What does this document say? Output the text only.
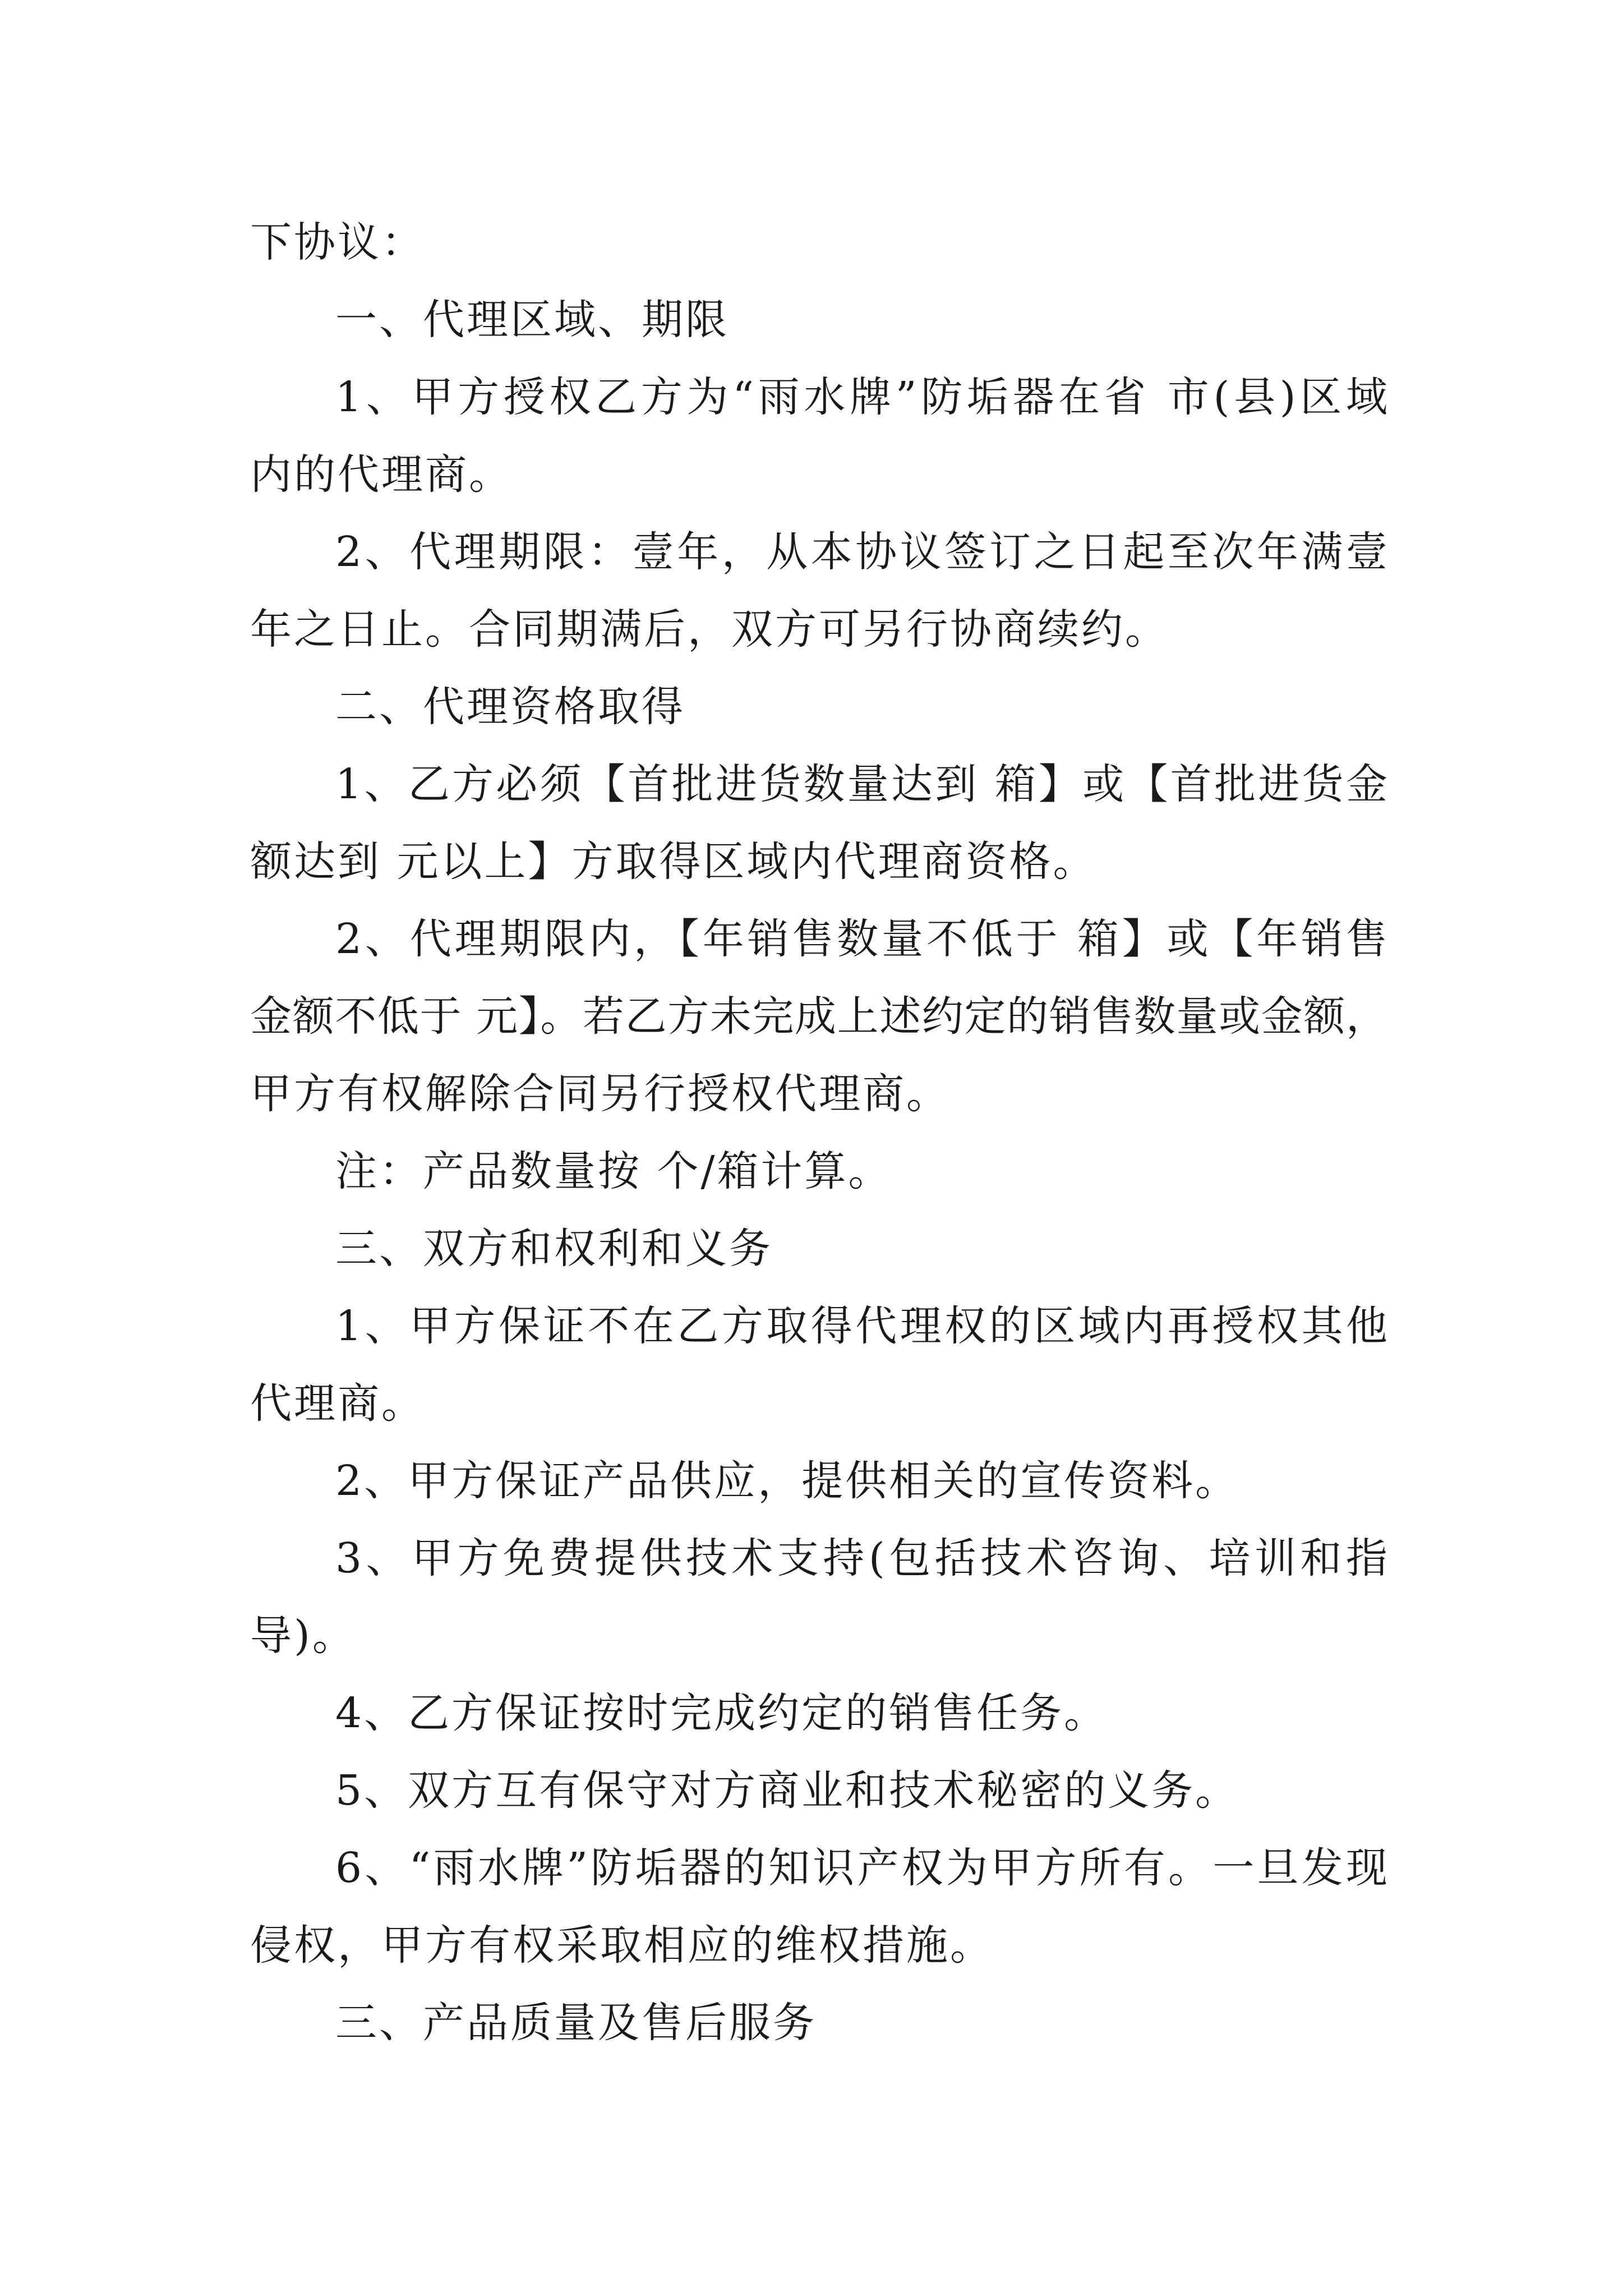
下协议：
一、代理区域、期限
1、甲方授权乙方为“雨水牌”防垢器在省 市(县)区域
内的代理商。
2、代理期限：壹年，从本协议签订之日起至次年满壹
年之日止。合同期满后，双方可另行协商续约。
二、代理资格取得
1、乙方必须【首批进货数量达到 箱】或【首批进货金
额达到 元以上】方取得区域内代理商资格。
2、代理期限内，【年销售数量不低于 箱】或【年销售
金额不低于 元】。若乙方未完成上述约定的销售数量或金额，
甲方有权解除合同另行授权代理商。
注：产品数量按 个/箱计算。
三、双方和权利和义务
1、甲方保证不在乙方取得代理权的区域内再授权其他
代理商。
2、甲方保证产品供应，提供相关的宣传资料。
3、甲方免费提供技术支持(包括技术咨询、培训和指
导)。
4、乙方保证按时完成约定的销售任务。
5、双方互有保守对方商业和技术秘密的义务。
6、“雨水牌”防垢器的知识产权为甲方所有。一旦发现
侵权，甲方有权采取相应的维权措施。
三、产品质量及售后服务
